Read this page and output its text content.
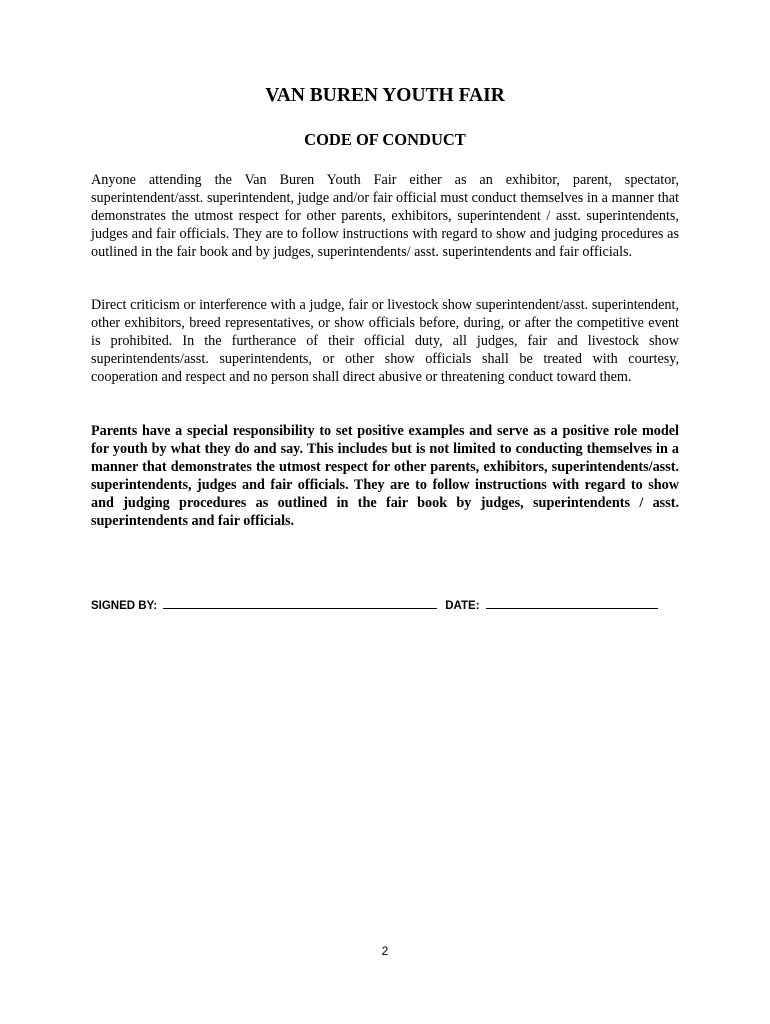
VAN BUREN YOUTH FAIR
CODE OF CONDUCT

Anyone attending the Van Buren Youth Fair either as an exhibitor, parent, spectator, superintendent/asst. superintendent, judge and/or fair official must conduct themselves in a manner that demonstrates the utmost respect for other parents, exhibitors, superintendent / asst. superintendents, judges and fair officials. They are to follow instructions with regard to show and judging procedures as outlined in the fair book and by judges, superintendents/ asst. superintendents and fair officials.

Direct criticism or interference with a judge, fair or livestock show superintendent/asst. superintendent, other exhibitors, breed representatives, or show officials before, during, or after the competitive event is prohibited. In the furtherance of their official duty, all judges, fair and livestock show superintendents/asst. superintendents, or other show officials shall be treated with courtesy, cooperation and respect and no person shall direct abusive or threatening conduct toward them.

Parents have a special responsibility to set positive examples and serve as a positive role model for youth by what they do and say. This includes but is not limited to conducting themselves in a manner that demonstrates the utmost respect for other parents, exhibitors, superintendents/asst. superintendents, judges and fair officials. They are to follow instructions with regard to show and judging procedures as outlined in the fair book by judges, superintendents / asst. superintendents and fair officials.

SIGNED BY:	DATE:
2
